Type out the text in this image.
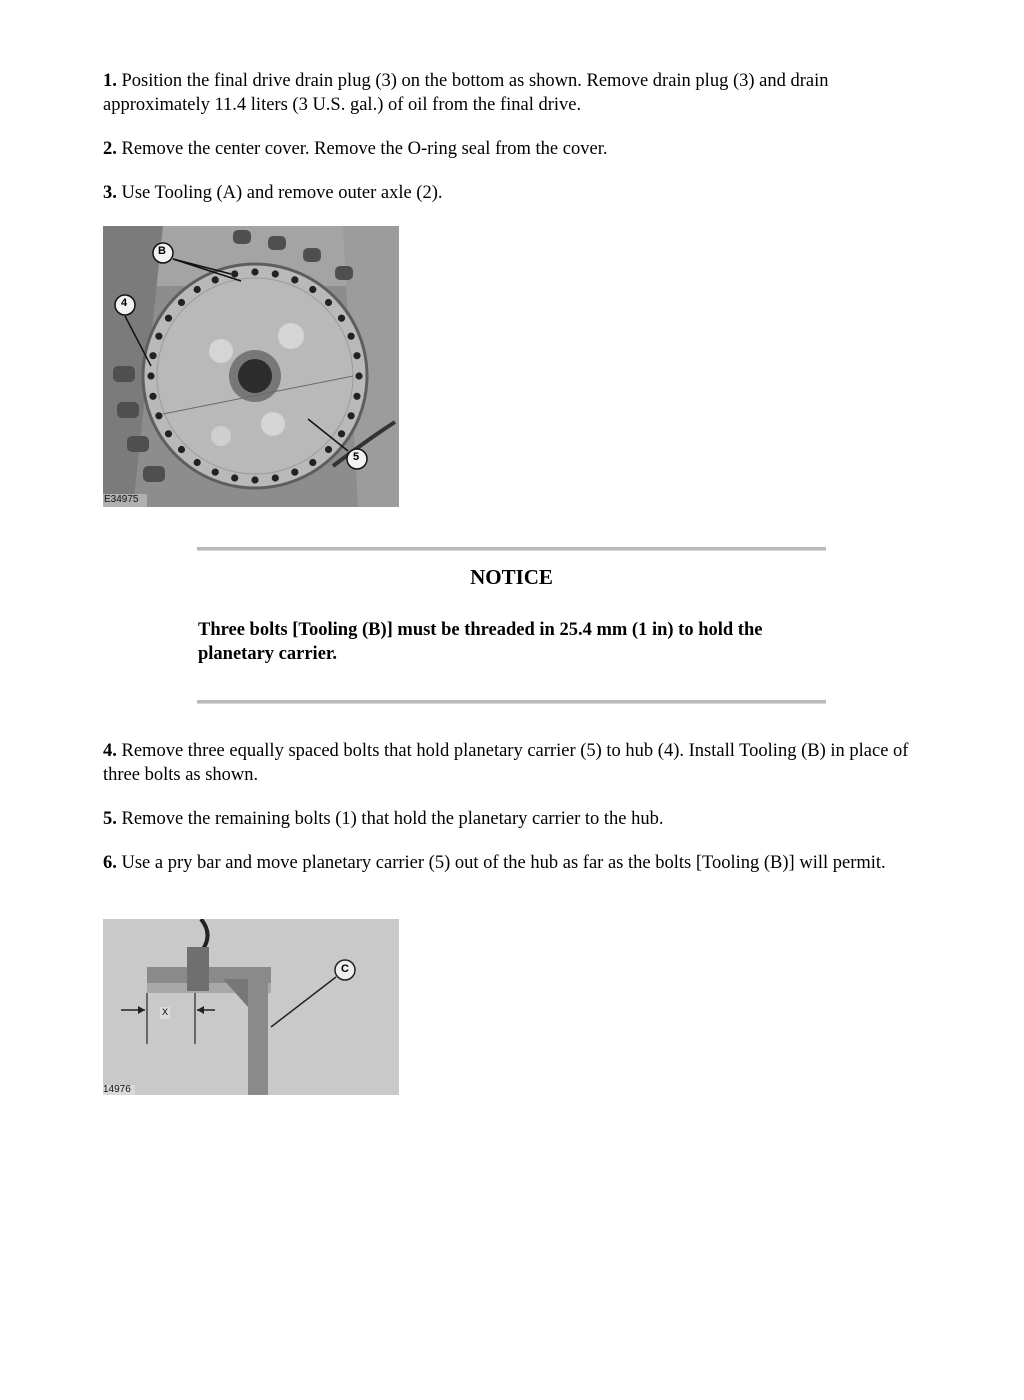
1. Position the final drive drain plug (3) on the bottom as shown. Remove drain plug (3) and drain approximately 11.4 liters (3 U.S. gal.) of oil from the final drive.

2. Remove the center cover. Remove the O-ring seal from the cover.

3. Use Tooling (A) and remove outer axle (2).

B
4
5
E34975
NOTICE

Three bolts [Tooling (B)] must be threaded in 25.4 mm (1 in) to hold the planetary carrier.

4. Remove three equally spaced bolts that hold planetary carrier (5) to hub (4). Install Tooling (B) in place of three bolts as shown.

5. Remove the remaining bolts (1) that hold the planetary carrier to the hub.

6. Use a pry bar and move planetary carrier (5) out of the hub as far as the bolts [Tooling (B)] will permit.

C
X
14976
